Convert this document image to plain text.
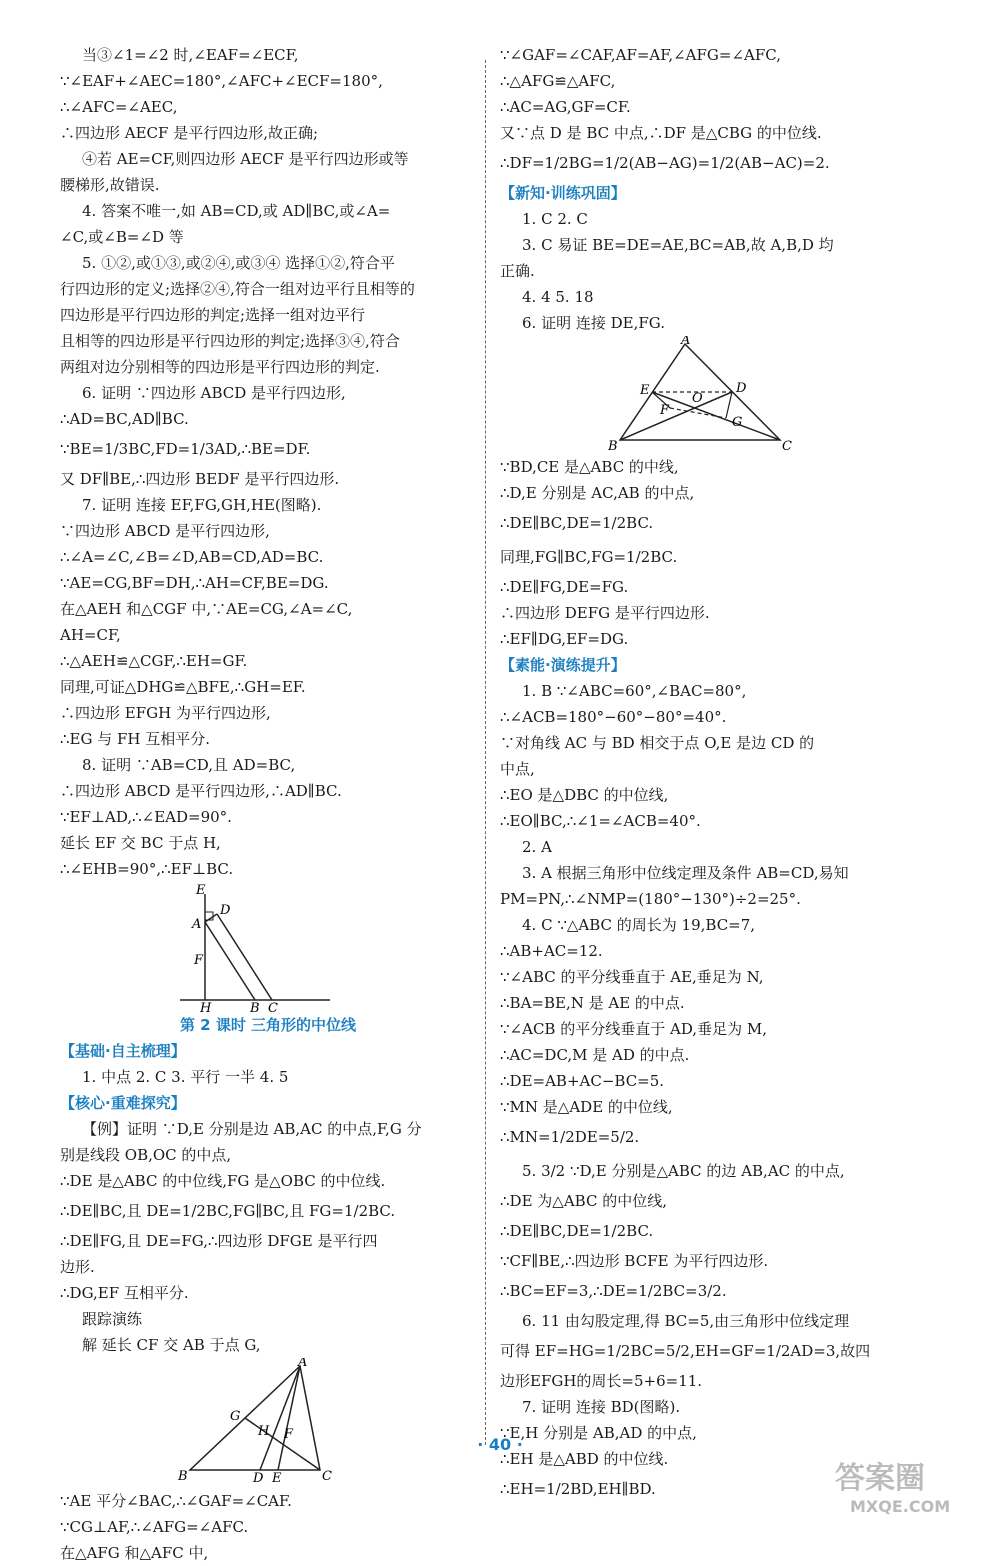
当③∠1=∠2 时,∠EAF=∠ECF,
∵∠EAF+∠AEC=180°,∠AFC+∠ECF=180°,
∴∠AFC=∠AEC,
∴四边形 AECF 是平行四边形,故正确;
④若 AE=CF,则四边形 AECF 是平行四边形或等
腰梯形,故错误.
4. 答案不唯一,如 AB=CD,或 AD∥BC,或∠A=
∠C,或∠B=∠D 等
5. ①②,或①③,或②④,或③④ 选择①②,符合平
行四边形的定义;选择②④,符合一组对边平行且相等的
四边形是平行四边形的判定;选择一组对边平行
且相等的四边形是平行四边形的判定;选择③④,符合
两组对边分别相等的四边形是平行四边形的判定.
6. 证明 ∵四边形 ABCD 是平行四边形,
∴AD=BC,AD∥BC.
∵BE=1/3BC,FD=1/3AD,∴BE=DF.
又 DF∥BE,∴四边形 BEDF 是平行四边形.
7. 证明 连接 EF,FG,GH,HE(图略).
∵四边形 ABCD 是平行四边形,
∴∠A=∠C,∠B=∠D,AB=CD,AD=BC.
∵AE=CG,BF=DH,∴AH=CF,BE=DG.
在△AEH 和△CGF 中,∵AE=CG,∠A=∠C,
AH=CF,
∴△AEH≌△CGF,∴EH=GF.
同理,可证△DHG≌△BFE,∴GH=EF.
∴四边形 EFGH 为平行四边形,
∴EG 与 FH 互相平分.
8. 证明 ∵AB=CD,且 AD=BC,
∴四边形 ABCD 是平行四边形,∴AD∥BC.
∵EF⊥AD,∴∠EAD=90°.
延长 EF 交 BC 于点 H,
∴∠EHB=90°,∴EF⊥BC.
E
D
A
F
H	B C
第 2 课时 三角形的中位线
【基础·自主梳理】
1. 中点 2. C 3. 平行 一半 4. 5
【核心·重难探究】
【例】证明 ∵D,E 分别是边 AB,AC 的中点,F,G 分
别是线段 OB,OC 的中点,
∴DE 是△ABC 的中位线,FG 是△OBC 的中位线.
∴DE∥BC,且 DE=1/2BC,FG∥BC,且 FG=1/2BC.
∴DE∥FG,且 DE=FG,∴四边形 DFGE 是平行四
边形.
∴DG,EF 互相平分.
跟踪演练
解 延长 CF 交 AB 于点 G,
A
G
H F
B	D E	C
∵AE 平分∠BAC,∴∠GAF=∠CAF.
∵CG⊥AF,∴∠AFG=∠AFC.
在△AFG 和△AFC 中,
∵∠GAF=∠CAF,AF=AF,∠AFG=∠AFC,
∴△AFG≌△AFC,
∴AC=AG,GF=CF.
又∵点 D 是 BC 中点,∴DF 是△CBG 的中位线.
∴DF=1/2BG=1/2(AB−AG)=1/2(AB−AC)=2.
【新知·训练巩固】
1. C 2. C
3. C 易证 BE=DE=AE,BC=AB,故 A,B,D 均
正确.
4. 4 5. 18
6. 证明 连接 DE,FG.
A
E
O
D
F
G
B	C
∵BD,CE 是△ABC 的中线,
∴D,E 分别是 AC,AB 的中点,
∴DE∥BC,DE=1/2BC.
同理,FG∥BC,FG=1/2BC.
∴DE∥FG,DE=FG.
∴四边形 DEFG 是平行四边形.
∴EF∥DG,EF=DG.
【素能·演练提升】
1. B ∵∠ABC=60°,∠BAC=80°,
∴∠ACB=180°−60°−80°=40°.
∵对角线 AC 与 BD 相交于点 O,E 是边 CD 的
中点,
∴EO 是△DBC 的中位线,
∴EO∥BC,∴∠1=∠ACB=40°.
2. A
3. A 根据三角形中位线定理及条件 AB=CD,易知
PM=PN,∴∠NMP=(180°−130°)÷2=25°.
4. C ∵△ABC 的周长为 19,BC=7,
∴AB+AC=12.
∵∠ABC 的平分线垂直于 AE,垂足为 N,
∴BA=BE,N 是 AE 的中点.
∵∠ACB 的平分线垂直于 AD,垂足为 M,
∴AC=DC,M 是 AD 的中点.
∴DE=AB+AC−BC=5.
∵MN 是△ADE 的中位线,
∴MN=1/2DE=5/2.
5. 3/2 ∵D,E 分别是△ABC 的边 AB,AC 的中点,
∴DE 为△ABC 的中位线,
∴DE∥BC,DE=1/2BC.
∵CF∥BE,∴四边形 BCFE 为平行四边形.
∴BC=EF=3,∴DE=1/2BC=3/2.
6. 11 由勾股定理,得 BC=5,由三角形中位线定理
可得 EF=HG=1/2BC=5/2,EH=GF=1/2AD=3,故四
边形EFGH的周长=5+6=11.
7. 证明 连接 BD(图略).
∵E,H 分别是 AB,AD 的中点,
∴EH 是△ABD 的中位线.
∴EH=1/2BD,EH∥BD.
· 40 ·
答案圈
MXQE.COM
